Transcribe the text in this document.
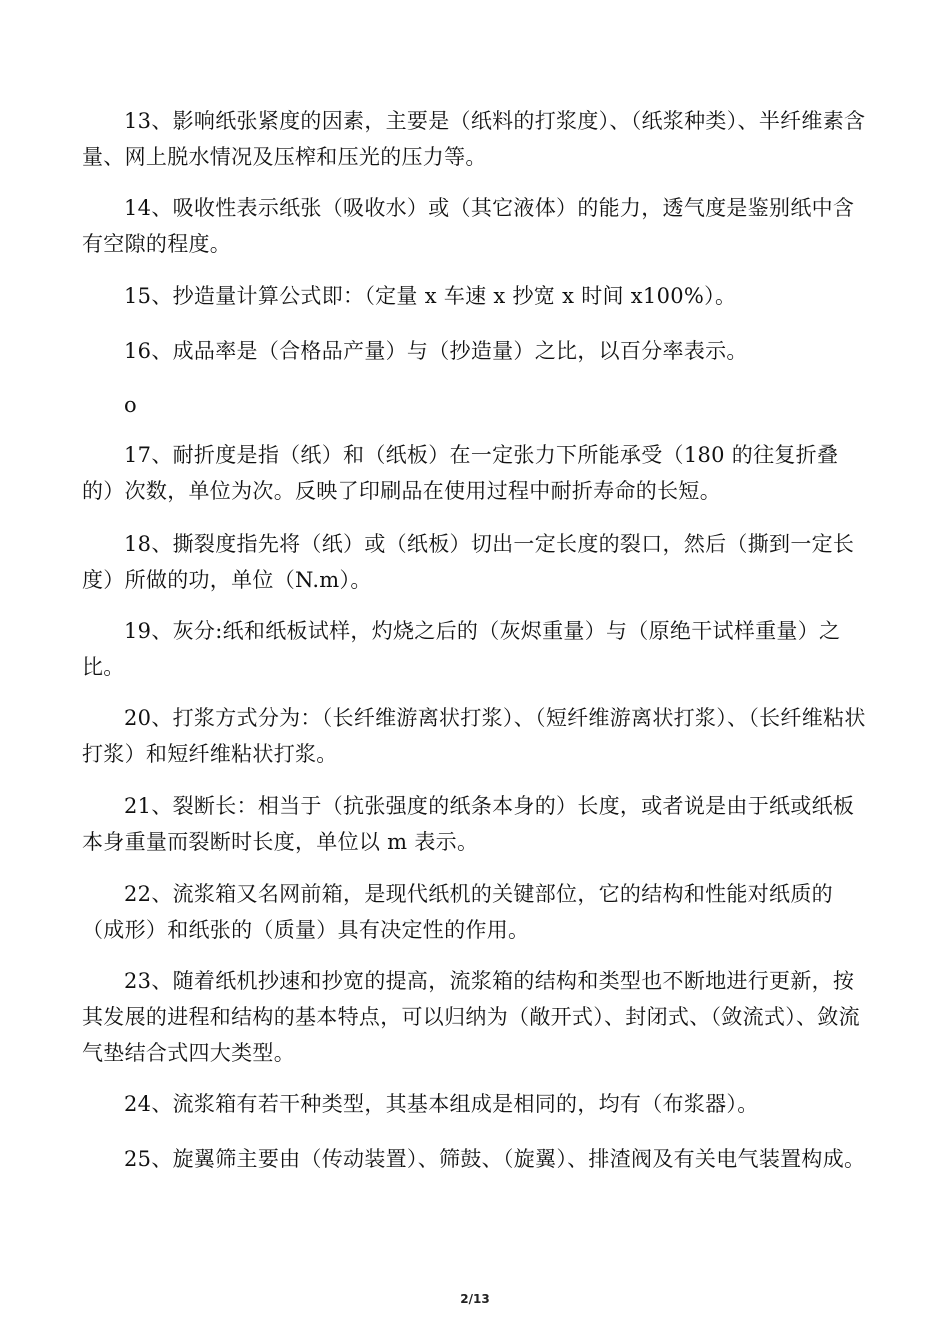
13、影响纸张紧度的因素，主要是（纸料的打浆度）、（纸浆种类）、半纤维素含量、网上脱水情况及压榨和压光的压力等。

14、吸收性表示纸张（吸收水）或（其它液体）的能力，透气度是鉴别纸中含有空隙的程度。

15、抄造量计算公式即：（定量 x 车速 x 抄宽 x 时间 x100%）。

16、成品率是（合格品产量）与（抄造量）之比，以百分率表示。

o

17、耐折度是指（纸）和（纸板）在一定张力下所能承受（180 的往复折叠的）次数，单位为次。反映了印刷品在使用过程中耐折寿命的长短。

18、撕裂度指先将（纸）或（纸板）切出一定长度的裂口，然后（撕到一定长度）所做的功，单位（N.m）。

19、灰分:纸和纸板试样，灼烧之后的（灰烬重量）与（原绝干试样重量）之比。

20、打浆方式分为：（长纤维游离状打浆）、（短纤维游离状打浆）、（长纤维粘状打浆）和短纤维粘状打浆。

21、裂断长：相当于（抗张强度的纸条本身的）长度，或者说是由于纸或纸板本身重量而裂断时长度，单位以 m 表示。

22、流浆箱又名网前箱，是现代纸机的关键部位，它的结构和性能对纸质的（成形）和纸张的（质量）具有决定性的作用。

23、随着纸机抄速和抄宽的提高，流浆箱的结构和类型也不断地进行更新，按其发展的进程和结构的基本特点，可以归纳为（敞开式）、封闭式、（敛流式）、敛流气垫结合式四大类型。

24、流浆箱有若干种类型，其基本组成是相同的，均有（布浆器）。

25、旋翼筛主要由（传动装置）、筛鼓、（旋翼）、排渣阀及有关电气装置构成。

2/13
